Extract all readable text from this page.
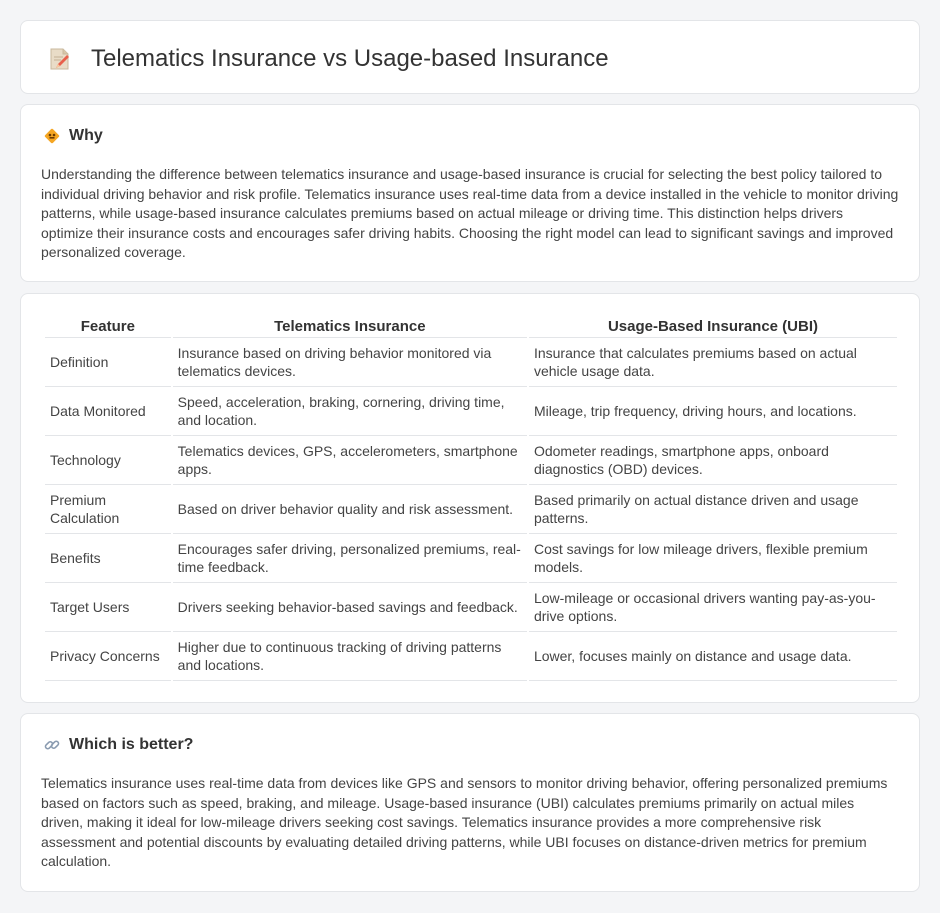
Telematics Insurance vs Usage-based Insurance
Why

Understanding the difference between telematics insurance and usage-based insurance is crucial for selecting the best policy tailored to individual driving behavior and risk profile. Telematics insurance uses real-time data from a device installed in the vehicle to monitor driving patterns, while usage-based insurance calculates premiums based on actual mileage or driving time. This distinction helps drivers optimize their insurance costs and encourages safer driving habits. Choosing the right model can lead to significant savings and improved personalized coverage.

Feature	Telematics Insurance	Usage-Based Insurance (UBI)
Definition	Insurance based on driving behavior monitored via telematics devices.	Insurance that calculates premiums based on actual vehicle usage data.
Data Monitored	Speed, acceleration, braking, cornering, driving time, and location.	Mileage, trip frequency, driving hours, and locations.
Technology	Telematics devices, GPS, accelerometers, smartphone apps.	Odometer readings, smartphone apps, onboard diagnostics (OBD) devices.
Premium Calculation	Based on driver behavior quality and risk assessment.	Based primarily on actual distance driven and usage patterns.
Benefits	Encourages safer driving, personalized premiums, real-time feedback.	Cost savings for low mileage drivers, flexible premium models.
Target Users	Drivers seeking behavior-based savings and feedback.	Low-mileage or occasional drivers wanting pay-as-you-drive options.
Privacy Concerns	Higher due to continuous tracking of driving patterns and locations.	Lower, focuses mainly on distance and usage data.
Which is better?

Telematics insurance uses real-time data from devices like GPS and sensors to monitor driving behavior, offering personalized premiums based on factors such as speed, braking, and mileage. Usage-based insurance (UBI) calculates premiums primarily on actual miles driven, making it ideal for low-mileage drivers seeking cost savings. Telematics insurance provides a more comprehensive risk assessment and potential discounts by evaluating detailed driving patterns, while UBI focuses on distance-driven metrics for premium calculation.
